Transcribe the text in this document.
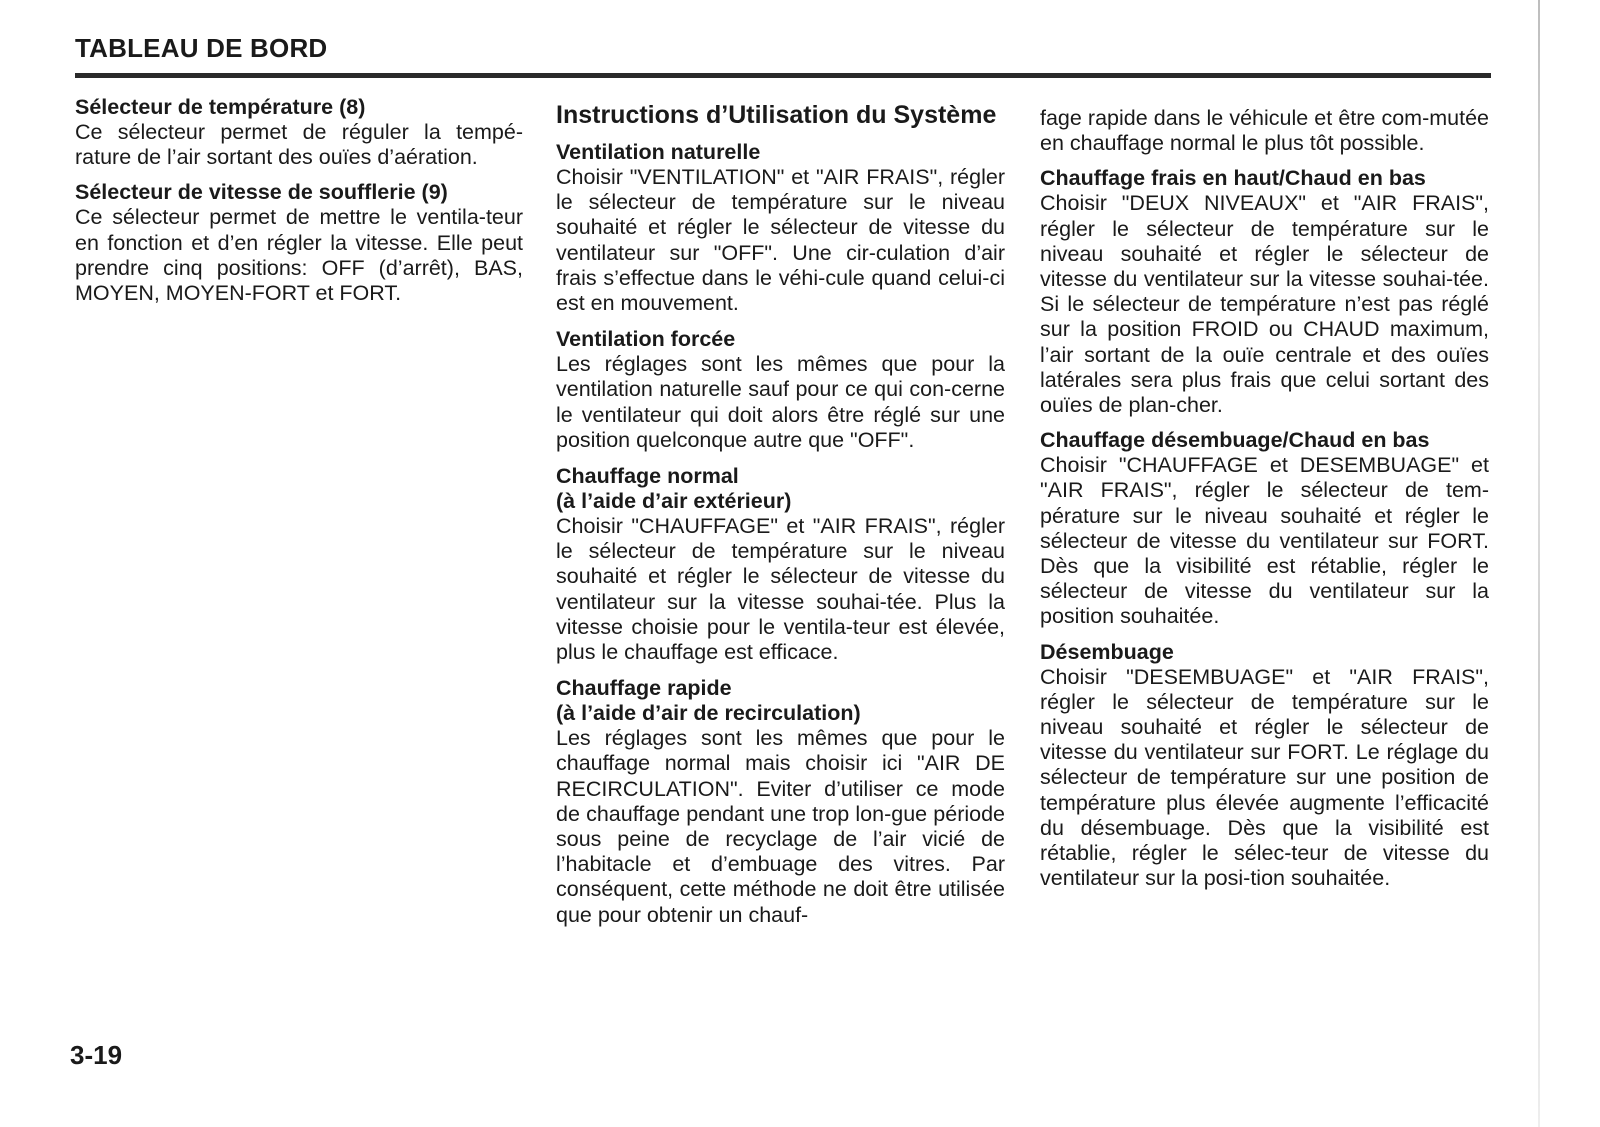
TABLEAU DE BORD
Sélecteur de température (8)

Ce sélecteur permet de réguler la tempé-rature de l’air sortant des ouïes d’aération.

Sélecteur de vitesse de soufflerie (9)

Ce sélecteur permet de mettre le ventila-teur en fonction et d’en régler la vitesse. Elle peut prendre cinq positions: OFF (d’arrêt), BAS, MOYEN, MOYEN-FORT et FORT.

Instructions d’Utilisation du Système
Ventilation naturelle

Choisir "VENTILATION" et "AIR FRAIS", régler le sélecteur de température sur le niveau souhaité et régler le sélecteur de vitesse du ventilateur sur "OFF". Une cir-culation d’air frais s’effectue dans le véhi-cule quand celui-ci est en mouvement.

Ventilation forcée

Les réglages sont les mêmes que pour la ventilation naturelle sauf pour ce qui con-cerne le ventilateur qui doit alors être réglé sur une position quelconque autre que "OFF".

Chauffage normal
(à l’aide d’air extérieur)

Choisir "CHAUFFAGE" et "AIR FRAIS", régler le sélecteur de température sur le niveau souhaité et régler le sélecteur de vitesse du ventilateur sur la vitesse souhai-tée. Plus la vitesse choisie pour le ventila-teur est élevée, plus le chauffage est efficace.

Chauffage rapide
(à l’aide d’air de recirculation)

Les réglages sont les mêmes que pour le chauffage normal mais choisir ici "AIR DE RECIRCULATION". Eviter d’utiliser ce mode de chauffage pendant une trop lon-gue période sous peine de recyclage de l’air vicié de l’habitacle et d’embuage des vitres. Par conséquent, cette méthode ne doit être utilisée que pour obtenir un chauf-

fage rapide dans le véhicule et être com-mutée en chauffage normal le plus tôt possible.

Chauffage frais en haut/Chaud en bas

Choisir "DEUX NIVEAUX" et "AIR FRAIS", régler le sélecteur de température sur le niveau souhaité et régler le sélecteur de vitesse du ventilateur sur la vitesse souhai-tée. Si le sélecteur de température n’est pas réglé sur la position FROID ou CHAUD maximum, l’air sortant de la ouïe centrale et des ouïes latérales sera plus frais que celui sortant des ouïes de plan-cher.

Chauffage désembuage/Chaud en bas

Choisir "CHAUFFAGE et DESEMBUAGE" et "AIR FRAIS", régler le sélecteur de tem-pérature sur le niveau souhaité et régler le sélecteur de vitesse du ventilateur sur FORT. Dès que la visibilité est rétablie, régler le sélecteur de vitesse du ventilateur sur la position souhaitée.

Désembuage

Choisir "DESEMBUAGE" et "AIR FRAIS", régler le sélecteur de température sur le niveau souhaité et régler le sélecteur de vitesse du ventilateur sur FORT. Le réglage du sélecteur de température sur une position de température plus élevée augmente l’efficacité du désembuage. Dès que la visibilité est rétablie, régler le sélec-teur de vitesse du ventilateur sur la posi-tion souhaitée.

3-19
